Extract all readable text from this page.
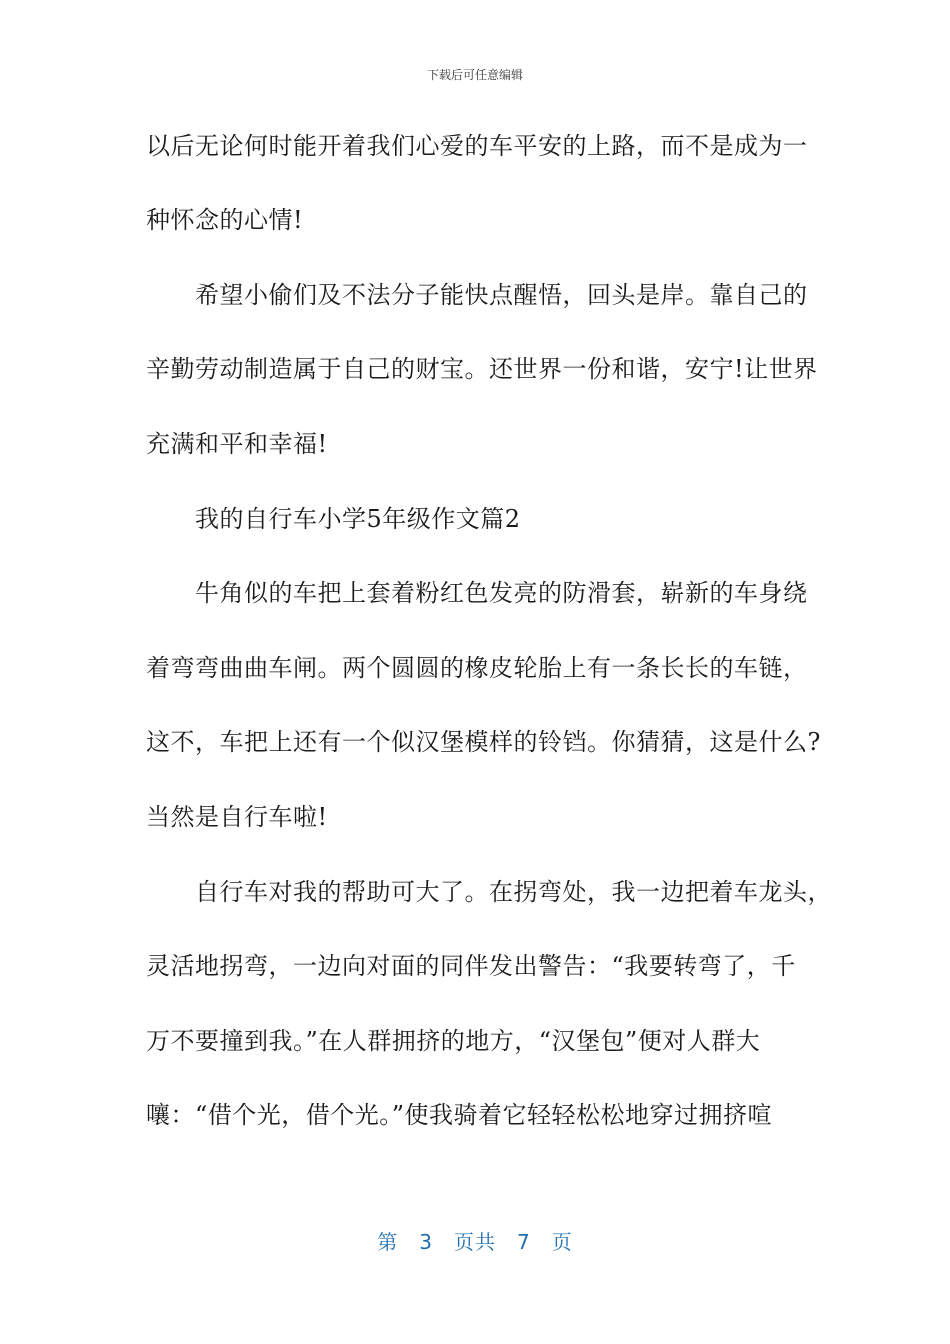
下载后可任意编辑
以后无论何时能开着我们心爱的车平安的上路，而不是成为一
种怀念的心情!
　　希望小偷们及不法分子能快点醒悟，回头是岸。靠自己的
辛勤劳动制造属于自己的财宝。还世界一份和谐，安宁!让世界
充满和平和幸福!
　　我的自行车小学5年级作文篇2
　　牛角似的车把上套着粉红色发亮的防滑套，崭新的车身绕
着弯弯曲曲车闸。两个圆圆的橡皮轮胎上有一条长长的车链，
这不，车把上还有一个似汉堡模样的铃铛。你猜猜，这是什么?
当然是自行车啦!
　　自行车对我的帮助可大了。在拐弯处，我一边把着车龙头，
灵活地拐弯，一边向对面的同伴发出警告：“我要转弯了，千
万不要撞到我。”在人群拥挤的地方，“汉堡包”便对人群大
嚷：“借个光，借个光。”使我骑着它轻轻松松地穿过拥挤喧
第　3　页共　7　页
